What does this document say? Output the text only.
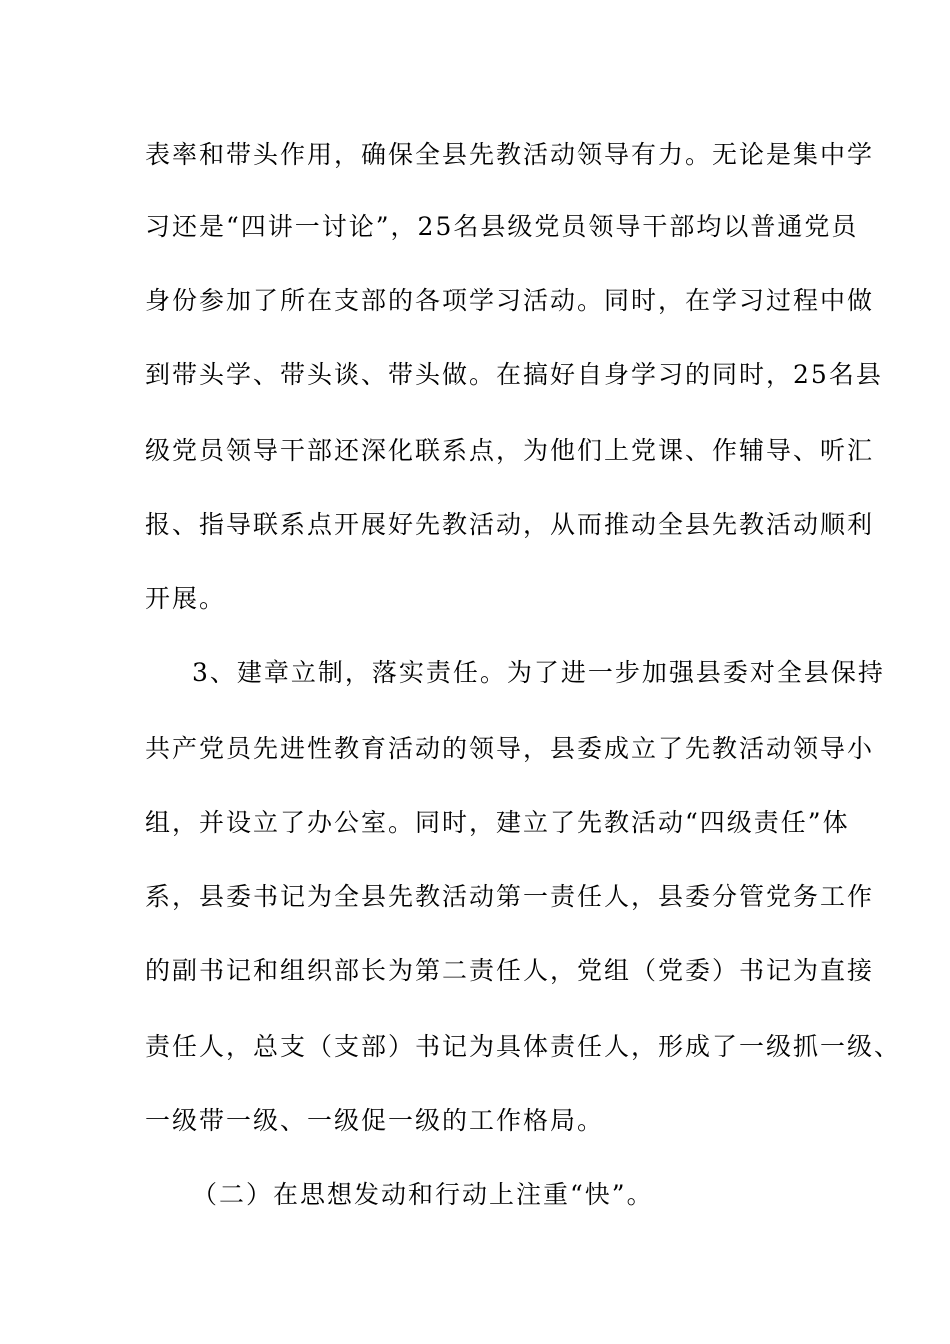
表率和带头作用，确保全县先教活动领导有力。无论是集中学
习还是“四讲一讨论”，25名县级党员领导干部均以普通党员
身份参加了所在支部的各项学习活动。同时，在学习过程中做
到带头学、带头谈、带头做。在搞好自身学习的同时，25名县
级党员领导干部还深化联系点，为他们上党课、作辅导、听汇
报、指导联系点开展好先教活动，从而推动全县先教活动顺利
开展。
3、建章立制，落实责任。为了进一步加强县委对全县保持
共产党员先进性教育活动的领导，县委成立了先教活动领导小
组，并设立了办公室。同时，建立了先教活动“四级责任”体
系，县委书记为全县先教活动第一责任人，县委分管党务工作
的副书记和组织部长为第二责任人，党组（党委）书记为直接
责任人，总支（支部）书记为具体责任人，形成了一级抓一级、
一级带一级、一级促一级的工作格局。
（二）在思想发动和行动上注重“快”。
